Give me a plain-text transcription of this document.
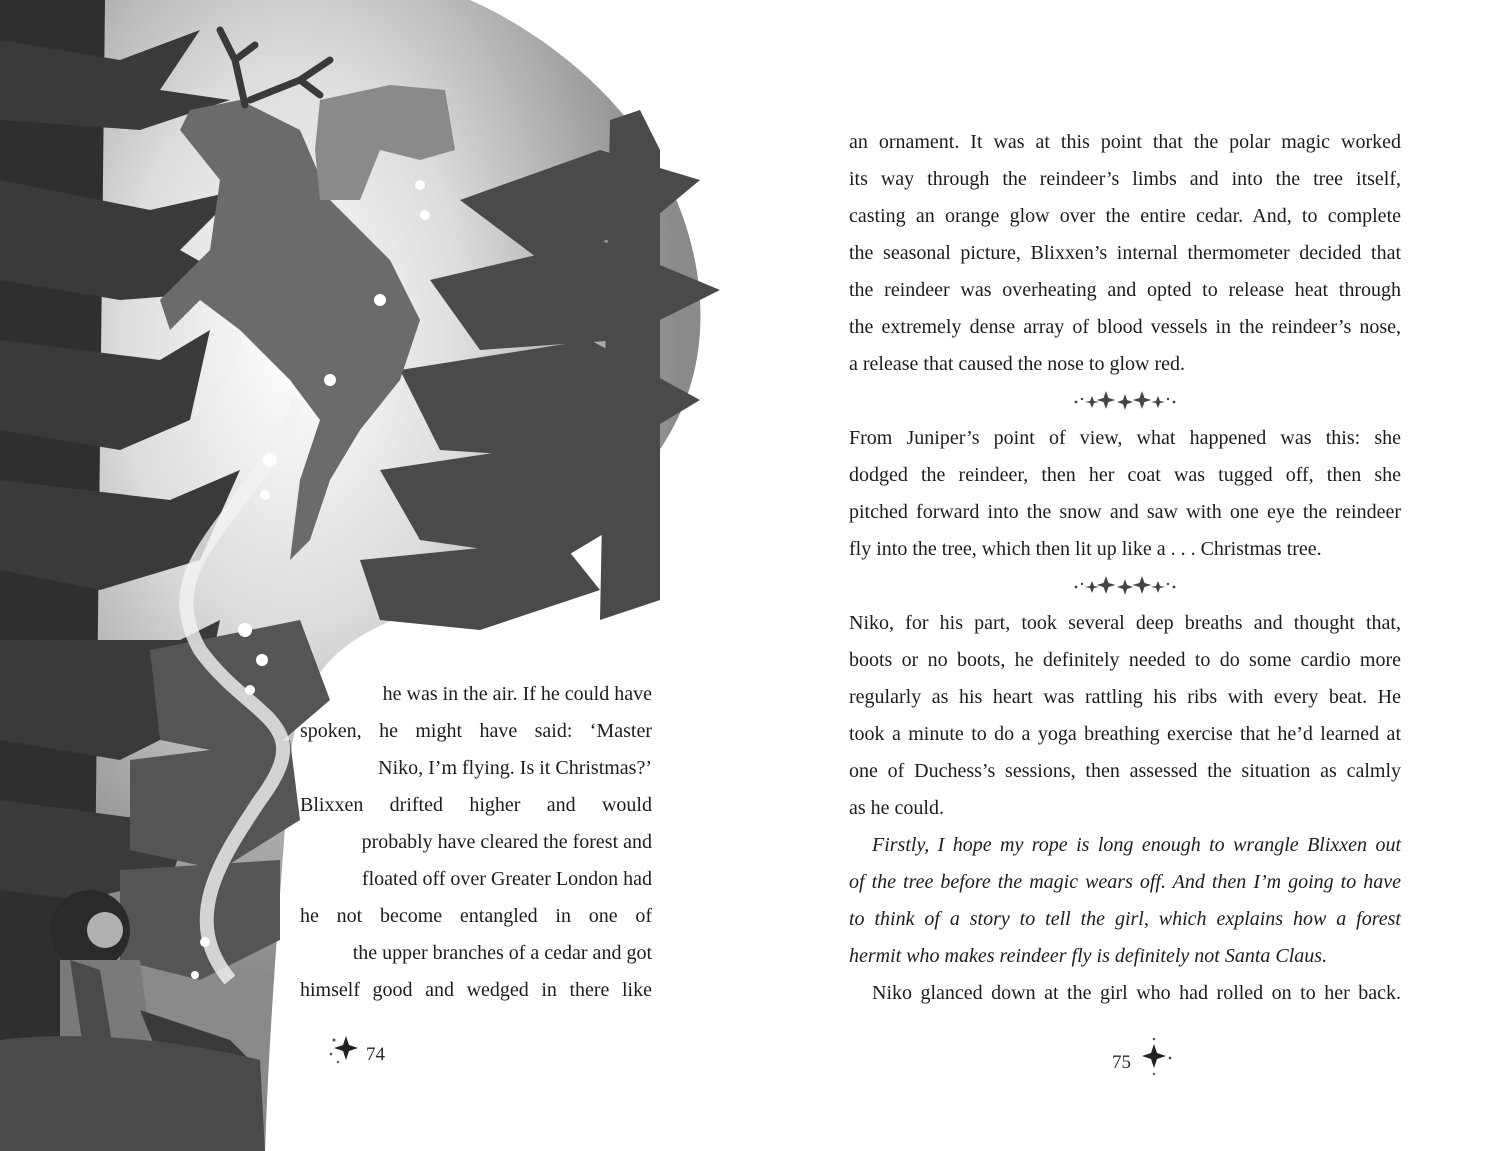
he was in the air. If he could have
spoken, he might have said: ‘Master
Niko, I’m flying. Is it Christmas?’
Blixxen drifted higher and would
probably have cleared the forest and
floated off over Greater London had
he not become entangled in one of
the upper branches of a cedar and got
himself good and wedged in there like
74
an ornament. It was at this point that the polar magic worked
its way through the reindeer’s limbs and into the tree itself,
casting an orange glow over the entire cedar. And, to complete
the seasonal picture, Blixxen’s internal thermometer decided that
the reindeer was overheating and opted to release heat through
the extremely dense array of blood vessels in the reindeer’s nose,
a release that caused the nose to glow red.
From Juniper’s point of view, what happened was this: she
dodged the reindeer, then her coat was tugged off, then she
pitched forward into the snow and saw with one eye the reindeer
fly into the tree, which then lit up like a . . . Christmas tree.
Niko, for his part, took several deep breaths and thought that,
boots or no boots, he definitely needed to do some cardio more
regularly as his heart was rattling his ribs with every beat. He
took a minute to do a yoga breathing exercise that he’d learned at
one of Duchess’s sessions, then assessed the situation as calmly
as he could.
Firstly, I hope my rope is long enough to wrangle Blixxen out
of the tree before the magic wears off. And then I’m going to have
to think of a story to tell the girl, which explains how a forest
hermit who makes reindeer fly is definitely not Santa Claus.
Niko glanced down at the girl who had rolled on to her back.
75
